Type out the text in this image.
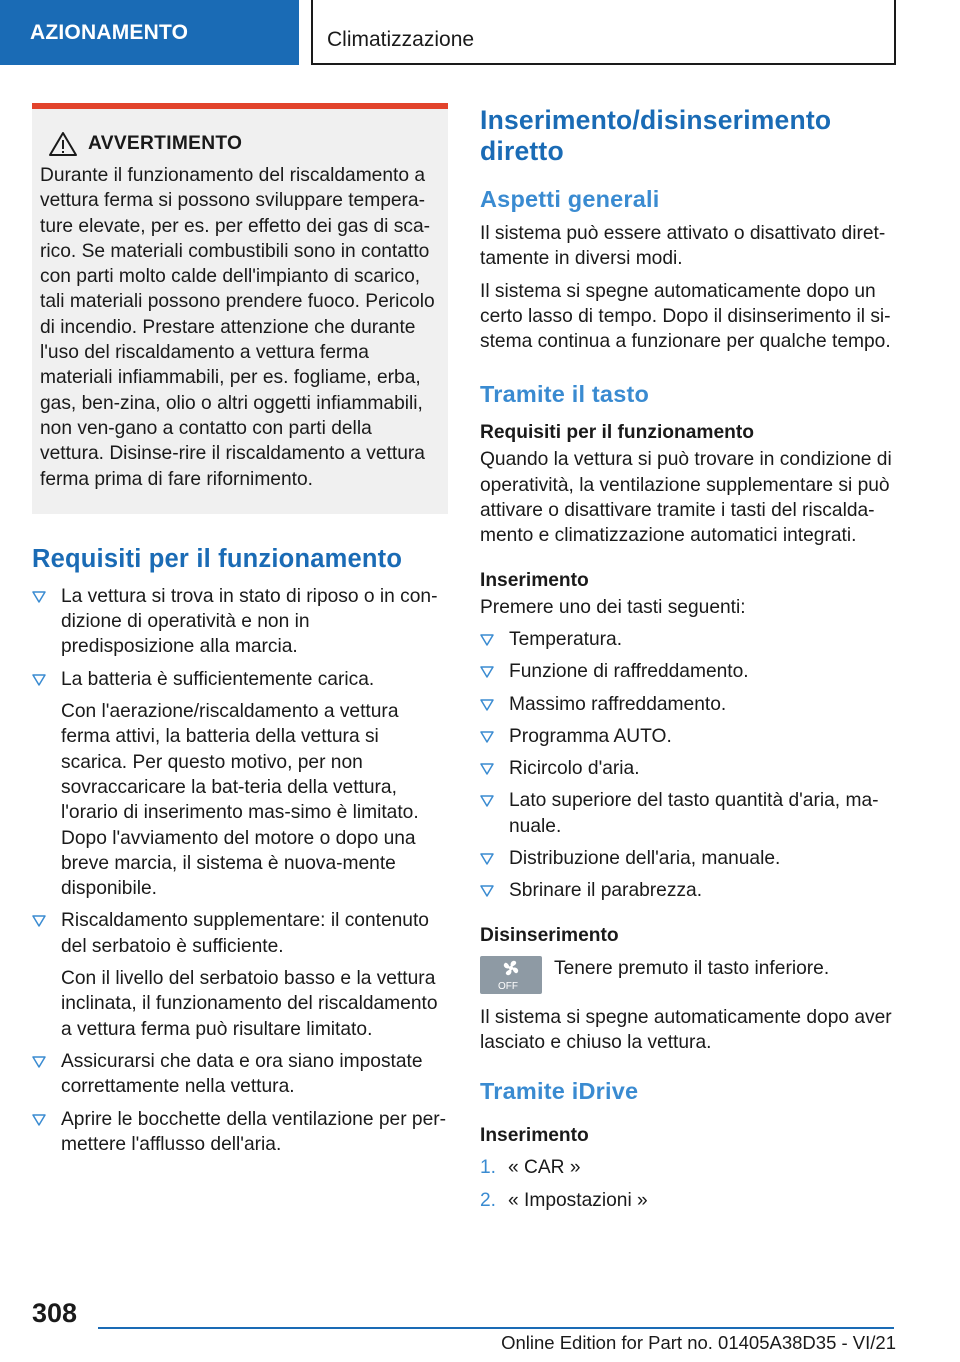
AZIONAMENTO	Climatizzazione
AVVERTIMENTO

Durante il funzionamento del riscaldamento a vettura ferma si possono sviluppare tempera-ture elevate, per es. per effetto dei gas di sca-rico. Se materiali combustibili sono in contatto con parti molto calde dell'impianto di scarico, tali materiali possono prendere fuoco. Pericolo di incendio. Prestare attenzione che durante l'uso del riscaldamento a vettura ferma materiali infiammabili, per es. fogliame, erba, gas, ben-zina, olio o altri oggetti infiammabili, non ven-gano a contatto con parti della vettura. Disinse-rire il riscaldamento a vettura ferma prima di fare rifornimento.

Requisiti per il funzionamento
La vettura si trova in stato di riposo o in con-dizione di operatività e non in predisposizione alla marcia.
La batteria è sufficientemente carica.
Con l'aerazione/riscaldamento a vettura ferma attivi, la batteria della vettura si scarica. Per questo motivo, per non sovraccaricare la bat-teria della vettura, l'orario di inserimento mas-simo è limitato. Dopo l'avviamento del motore o dopo una breve marcia, il sistema è nuova-mente disponibile.
Riscaldamento supplementare: il contenuto del serbatoio è sufficiente.
Con il livello del serbatoio basso e la vettura inclinata, il funzionamento del riscaldamento a vettura ferma può risultare limitato.
Assicurarsi che data e ora siano impostate correttamente nella vettura.
Aprire le bocchette della ventilazione per per-mettere l'afflusso dell'aria.
Inserimento/disinserimento diretto
Aspetti generali

Il sistema può essere attivato o disattivato diret-tamente in diversi modi.

Il sistema si spegne automaticamente dopo un certo lasso di tempo. Dopo il disinserimento il si-stema continua a funzionare per qualche tempo.

Tramite il tasto
Requisiti per il funzionamento

Quando la vettura si può trovare in condizione di operatività, la ventilazione supplementare si può attivare o disattivare tramite i tasti del riscalda-mento e climatizzazione automatici integrati.

Inserimento

Premere uno dei tasti seguenti:

Temperatura.
Funzione di raffreddamento.
Massimo raffreddamento.
Programma AUTO.
Ricircolo d'aria.
Lato superiore del tasto quantità d'aria, ma-nuale.
Distribuzione dell'aria, manuale.
Sbrinare il parabrezza.
Disinserimento
OFF

Tenere premuto il tasto inferiore.

Il sistema si spegne automaticamente dopo aver lasciato e chiuso la vettura.

Tramite iDrive
Inserimento
1. « CAR »
2. « Impostazioni »
308
Online Edition for Part no. 01405A38D35 - VI/21
